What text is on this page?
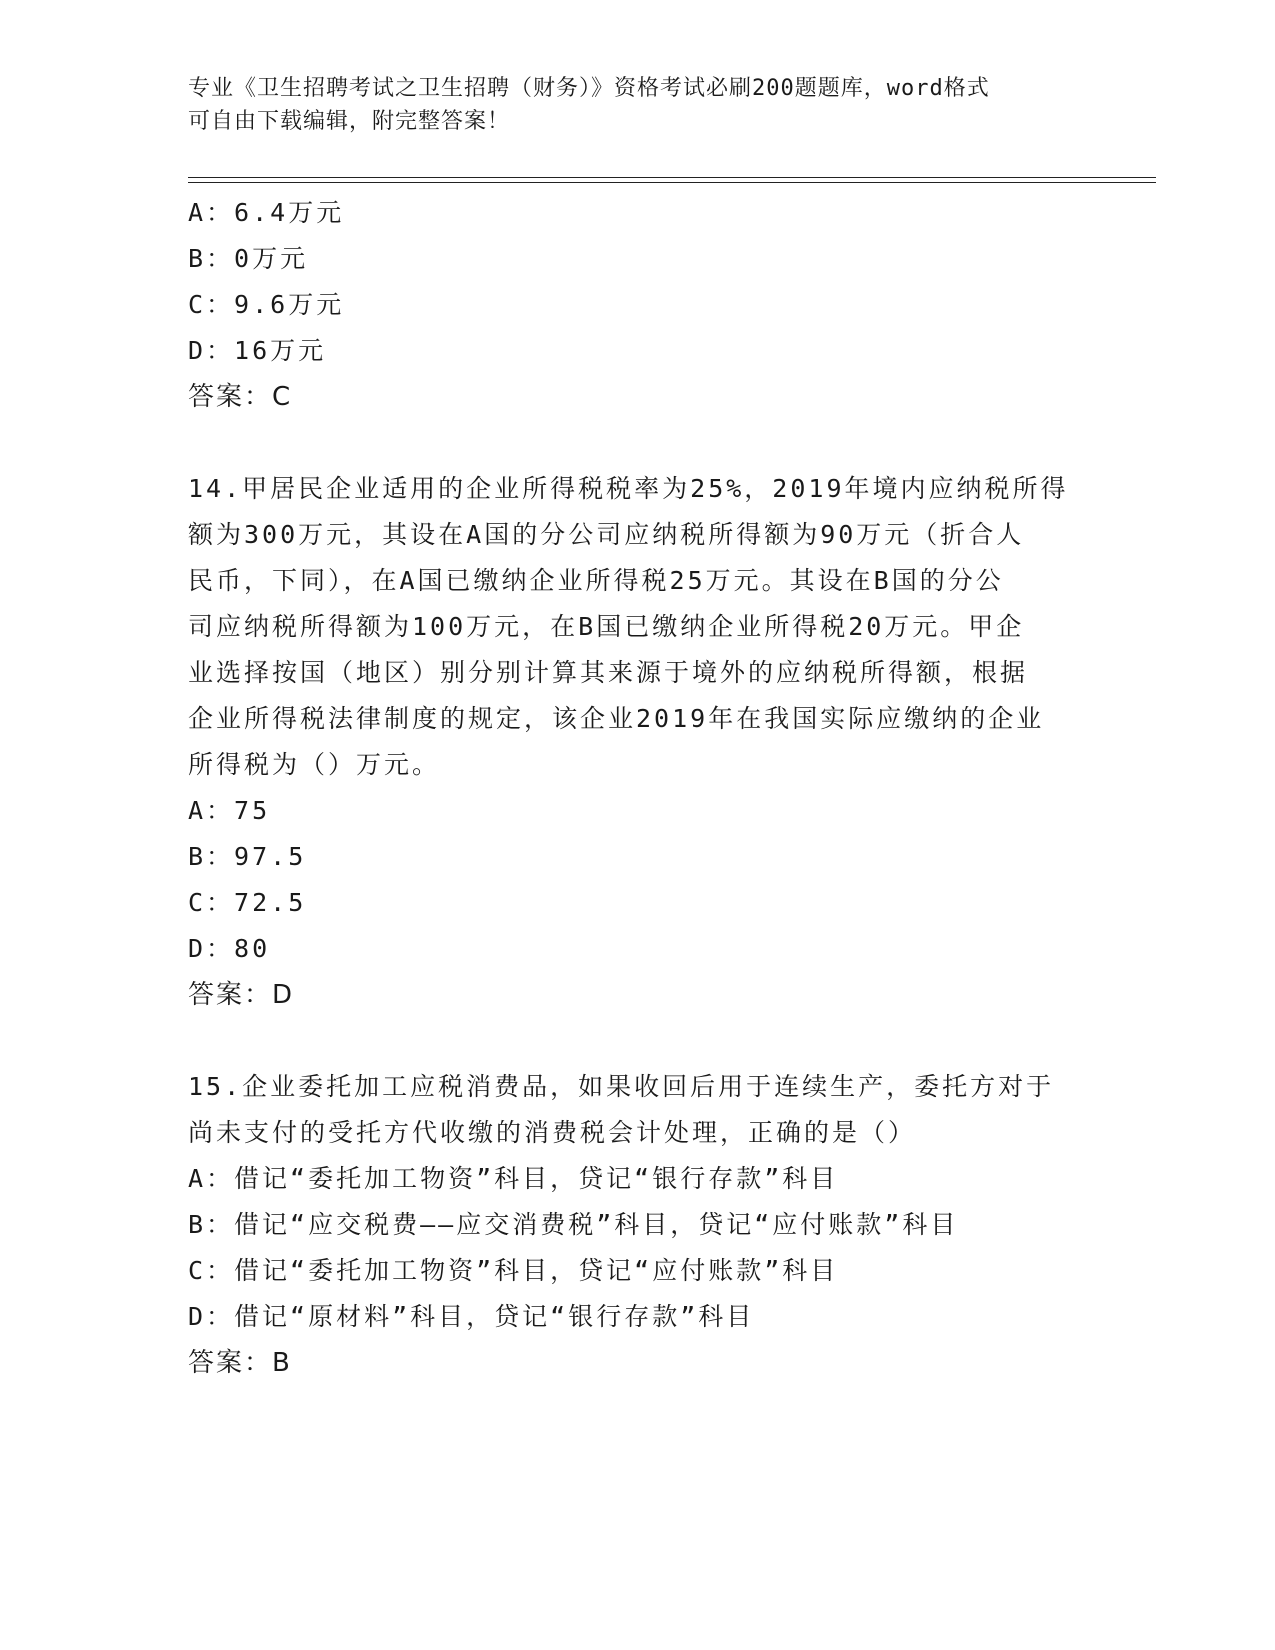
专业《卫生招聘考试之卫生招聘（财务）》资格考试必刷200题题库，word格式
可自由下载编辑，附完整答案！
A：6.4万元
B：0万元
C：9.6万元
D：16万元
答案：C
14.甲居民企业适用的企业所得税税率为25%，2019年境内应纳税所得
额为300万元，其设在A国的分公司应纳税所得额为90万元（折合人
民币，下同），在A国已缴纳企业所得税25万元。其设在B国的分公
司应纳税所得额为100万元，在B国已缴纳企业所得税20万元。甲企
业选择按国（地区）别分别计算其来源于境外的应纳税所得额，根据
企业所得税法律制度的规定，该企业2019年在我国实际应缴纳的企业
所得税为（）万元。
A：75
B：97.5
C：72.5
D：80
答案：D
15.企业委托加工应税消费品，如果收回后用于连续生产，委托方对于
尚未支付的受托方代收缴的消费税会计处理，正确的是（）
A：借记“委托加工物资”科目，贷记“银行存款”科目
B：借记“应交税费——应交消费税”科目，贷记“应付账款”科目
C：借记“委托加工物资”科目，贷记“应付账款”科目
D：借记“原材料”科目，贷记“银行存款”科目
答案：B
